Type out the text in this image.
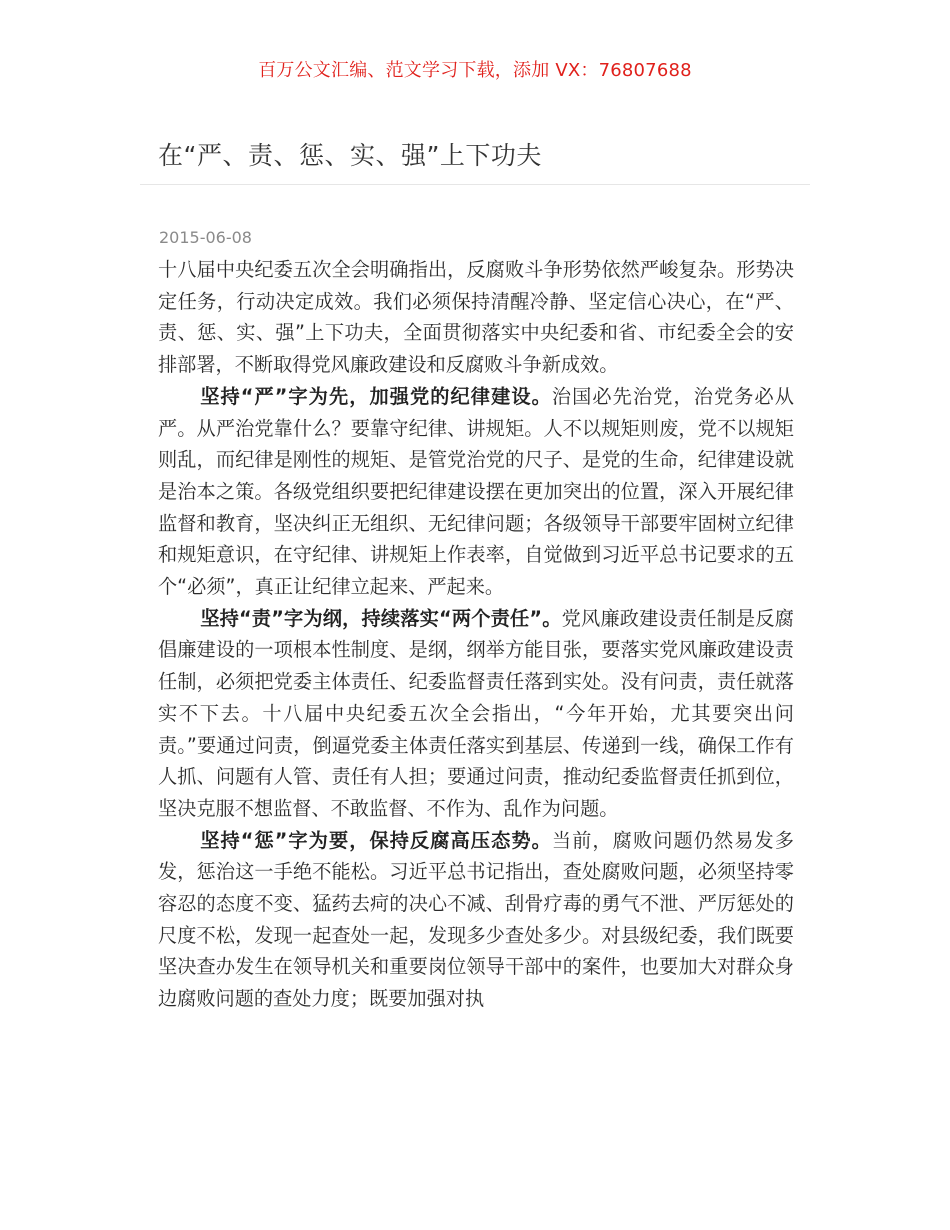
百万公文汇编、范文学习下载，添加 VX：76807688
在“严、责、惩、实、强”上下功夫
2015-06-08

十八届中央纪委五次全会明确指出，反腐败斗争形势依然严峻复杂。形势决定任务，行动决定成效。我们必须保持清醒冷静、坚定信心决心，在“严、责、惩、实、强”上下功夫，全面贯彻落实中央纪委和省、市纪委全会的安排部署，不断取得党风廉政建设和反腐败斗争新成效。

坚持“严”字为先，加强党的纪律建设。治国必先治党，治党务必从严。从严治党靠什么？要靠守纪律、讲规矩。人不以规矩则废，党不以规矩则乱，而纪律是刚性的规矩、是管党治党的尺子、是党的生命，纪律建设就是治本之策。各级党组织要把纪律建设摆在更加突出的位置，深入开展纪律监督和教育，坚决纠正无组织、无纪律问题；各级领导干部要牢固树立纪律和规矩意识，在守纪律、讲规矩上作表率，自觉做到习近平总书记要求的五个“必须”，真正让纪律立起来、严起来。

坚持“责”字为纲，持续落实“两个责任”。党风廉政建设责任制是反腐倡廉建设的一项根本性制度、是纲，纲举方能目张，要落实党风廉政建设责任制，必须把党委主体责任、纪委监督责任落到实处。没有问责，责任就落实不下去。十八届中央纪委五次全会指出，“今年开始，尤其要突出问责。”要通过问责，倒逼党委主体责任落实到基层、传递到一线，确保工作有人抓、问题有人管、责任有人担；要通过问责，推动纪委监督责任抓到位，坚决克服不想监督、不敢监督、不作为、乱作为问题。

坚持“惩”字为要，保持反腐高压态势。当前，腐败问题仍然易发多发，惩治这一手绝不能松。习近平总书记指出，查处腐败问题，必须坚持零容忍的态度不变、猛药去疴的决心不减、刮骨疗毒的勇气不泄、严厉惩处的尺度不松，发现一起查处一起，发现多少查处多少。对县级纪委，我们既要坚决查办发生在领导机关和重要岗位领导干部中的案件，也要加大对群众身边腐败问题的查处力度；既要加强对执
